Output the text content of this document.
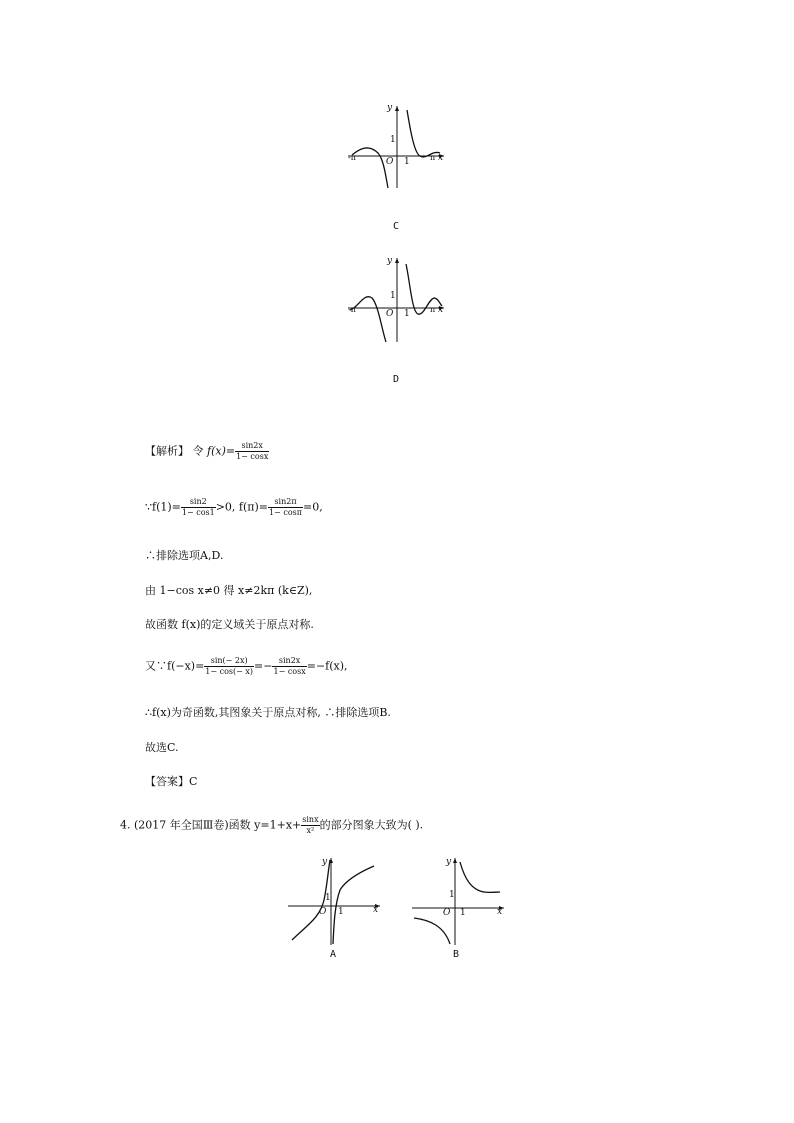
y
1
O 1
-π	π x
C
y
1
O 1
-π	π x
D
【解析】 令 $f(x)= \frac{\sin 2x}{1- \cos x}$
∵f(1)= $\frac{\sin 2}{1- \cos 1} >0$, $f(\pi)= \frac{\sin 2\pi}{1- \cos\pi} =0$,
∴排除选项A,D.
由 1−cos x≠0 得 x≠2kπ (k∈Z),
故函数 f(x)的定义域关于原点对称.
又∵f(−x)= $\frac{\sin(- 2x)}{1- \cos(- x)} =- \frac{\sin 2x}{1- \cos x} =-f(x)$,
∴f(x)为奇函数,其图象关于原点对称, ∴排除选项B.
故选C.
【答案】C
4. (2017 年全国Ⅲ卷)函数 $y=1+x+ \frac{\sin x}{\text{x²}}$ 的部分图象大致为( ).
y
1
O 1	x
A
y
1
O 1	x
B
